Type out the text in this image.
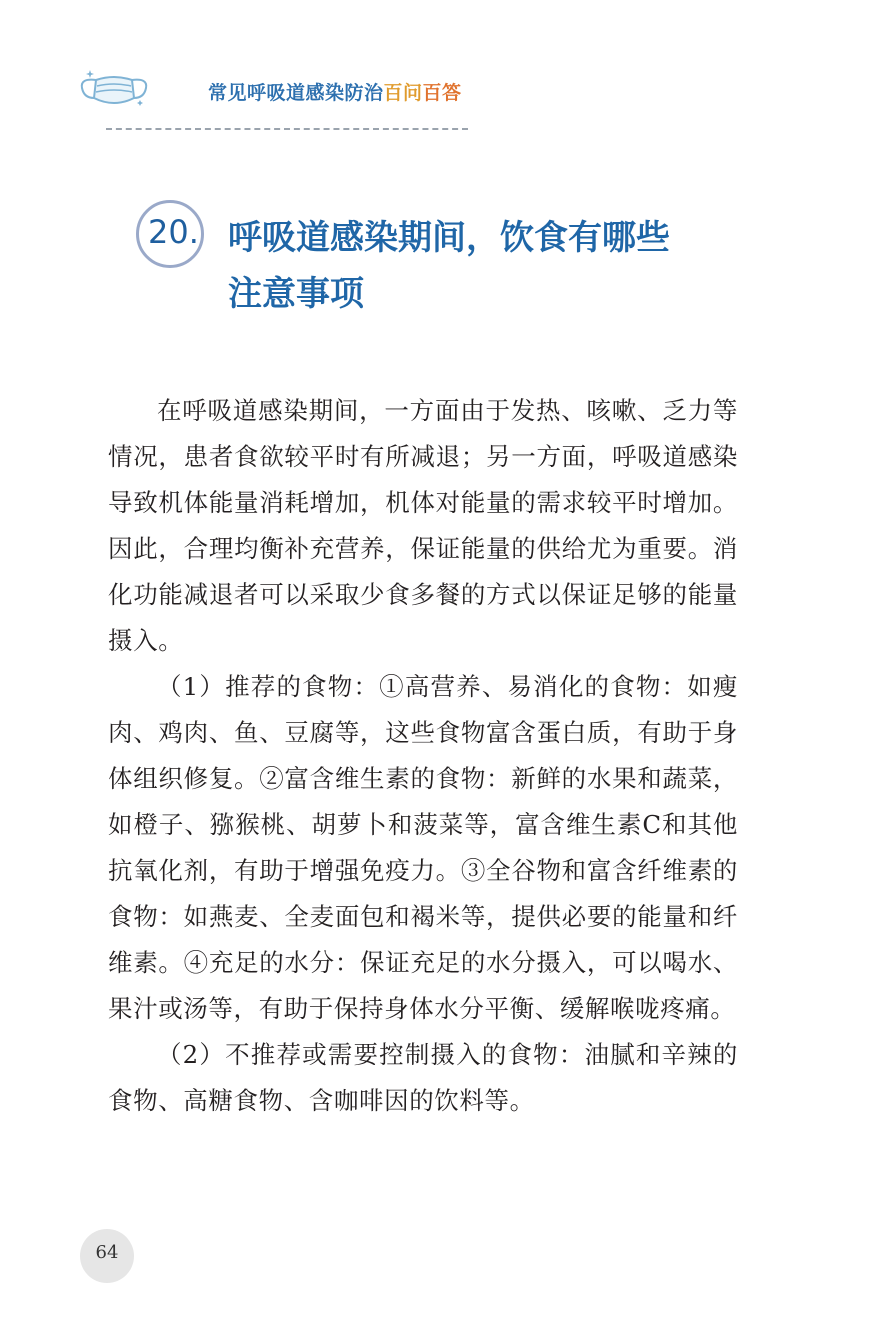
常见呼吸道感染防治百问百答
20. 呼吸道感染期间，饮食有哪些
注意事项

在呼吸道感染期间，一方面由于发热、咳嗽、乏力等情况，患者食欲较平时有所减退；另一方面，呼吸道感染导致机体能量消耗增加，机体对能量的需求较平时增加。因此，合理均衡补充营养，保证能量的供给尤为重要。消化功能减退者可以采取少食多餐的方式以保证足够的能量摄入。

（1）推荐的食物：①高营养、易消化的食物：如瘦肉、鸡肉、鱼、豆腐等，这些食物富含蛋白质，有助于身体组织修复。②富含维生素的食物：新鲜的水果和蔬菜，如橙子、猕猴桃、胡萝卜和菠菜等，富含维生素C和其他抗氧化剂，有助于增强免疫力。③全谷物和富含纤维素的食物：如燕麦、全麦面包和褐米等，提供必要的能量和纤维素。④充足的水分：保证充足的水分摄入，可以喝水、果汁或汤等，有助于保持身体水分平衡、缓解喉咙疼痛。

（2）不推荐或需要控制摄入的食物：油腻和辛辣的食物、高糖食物、含咖啡因的饮料等。

64
